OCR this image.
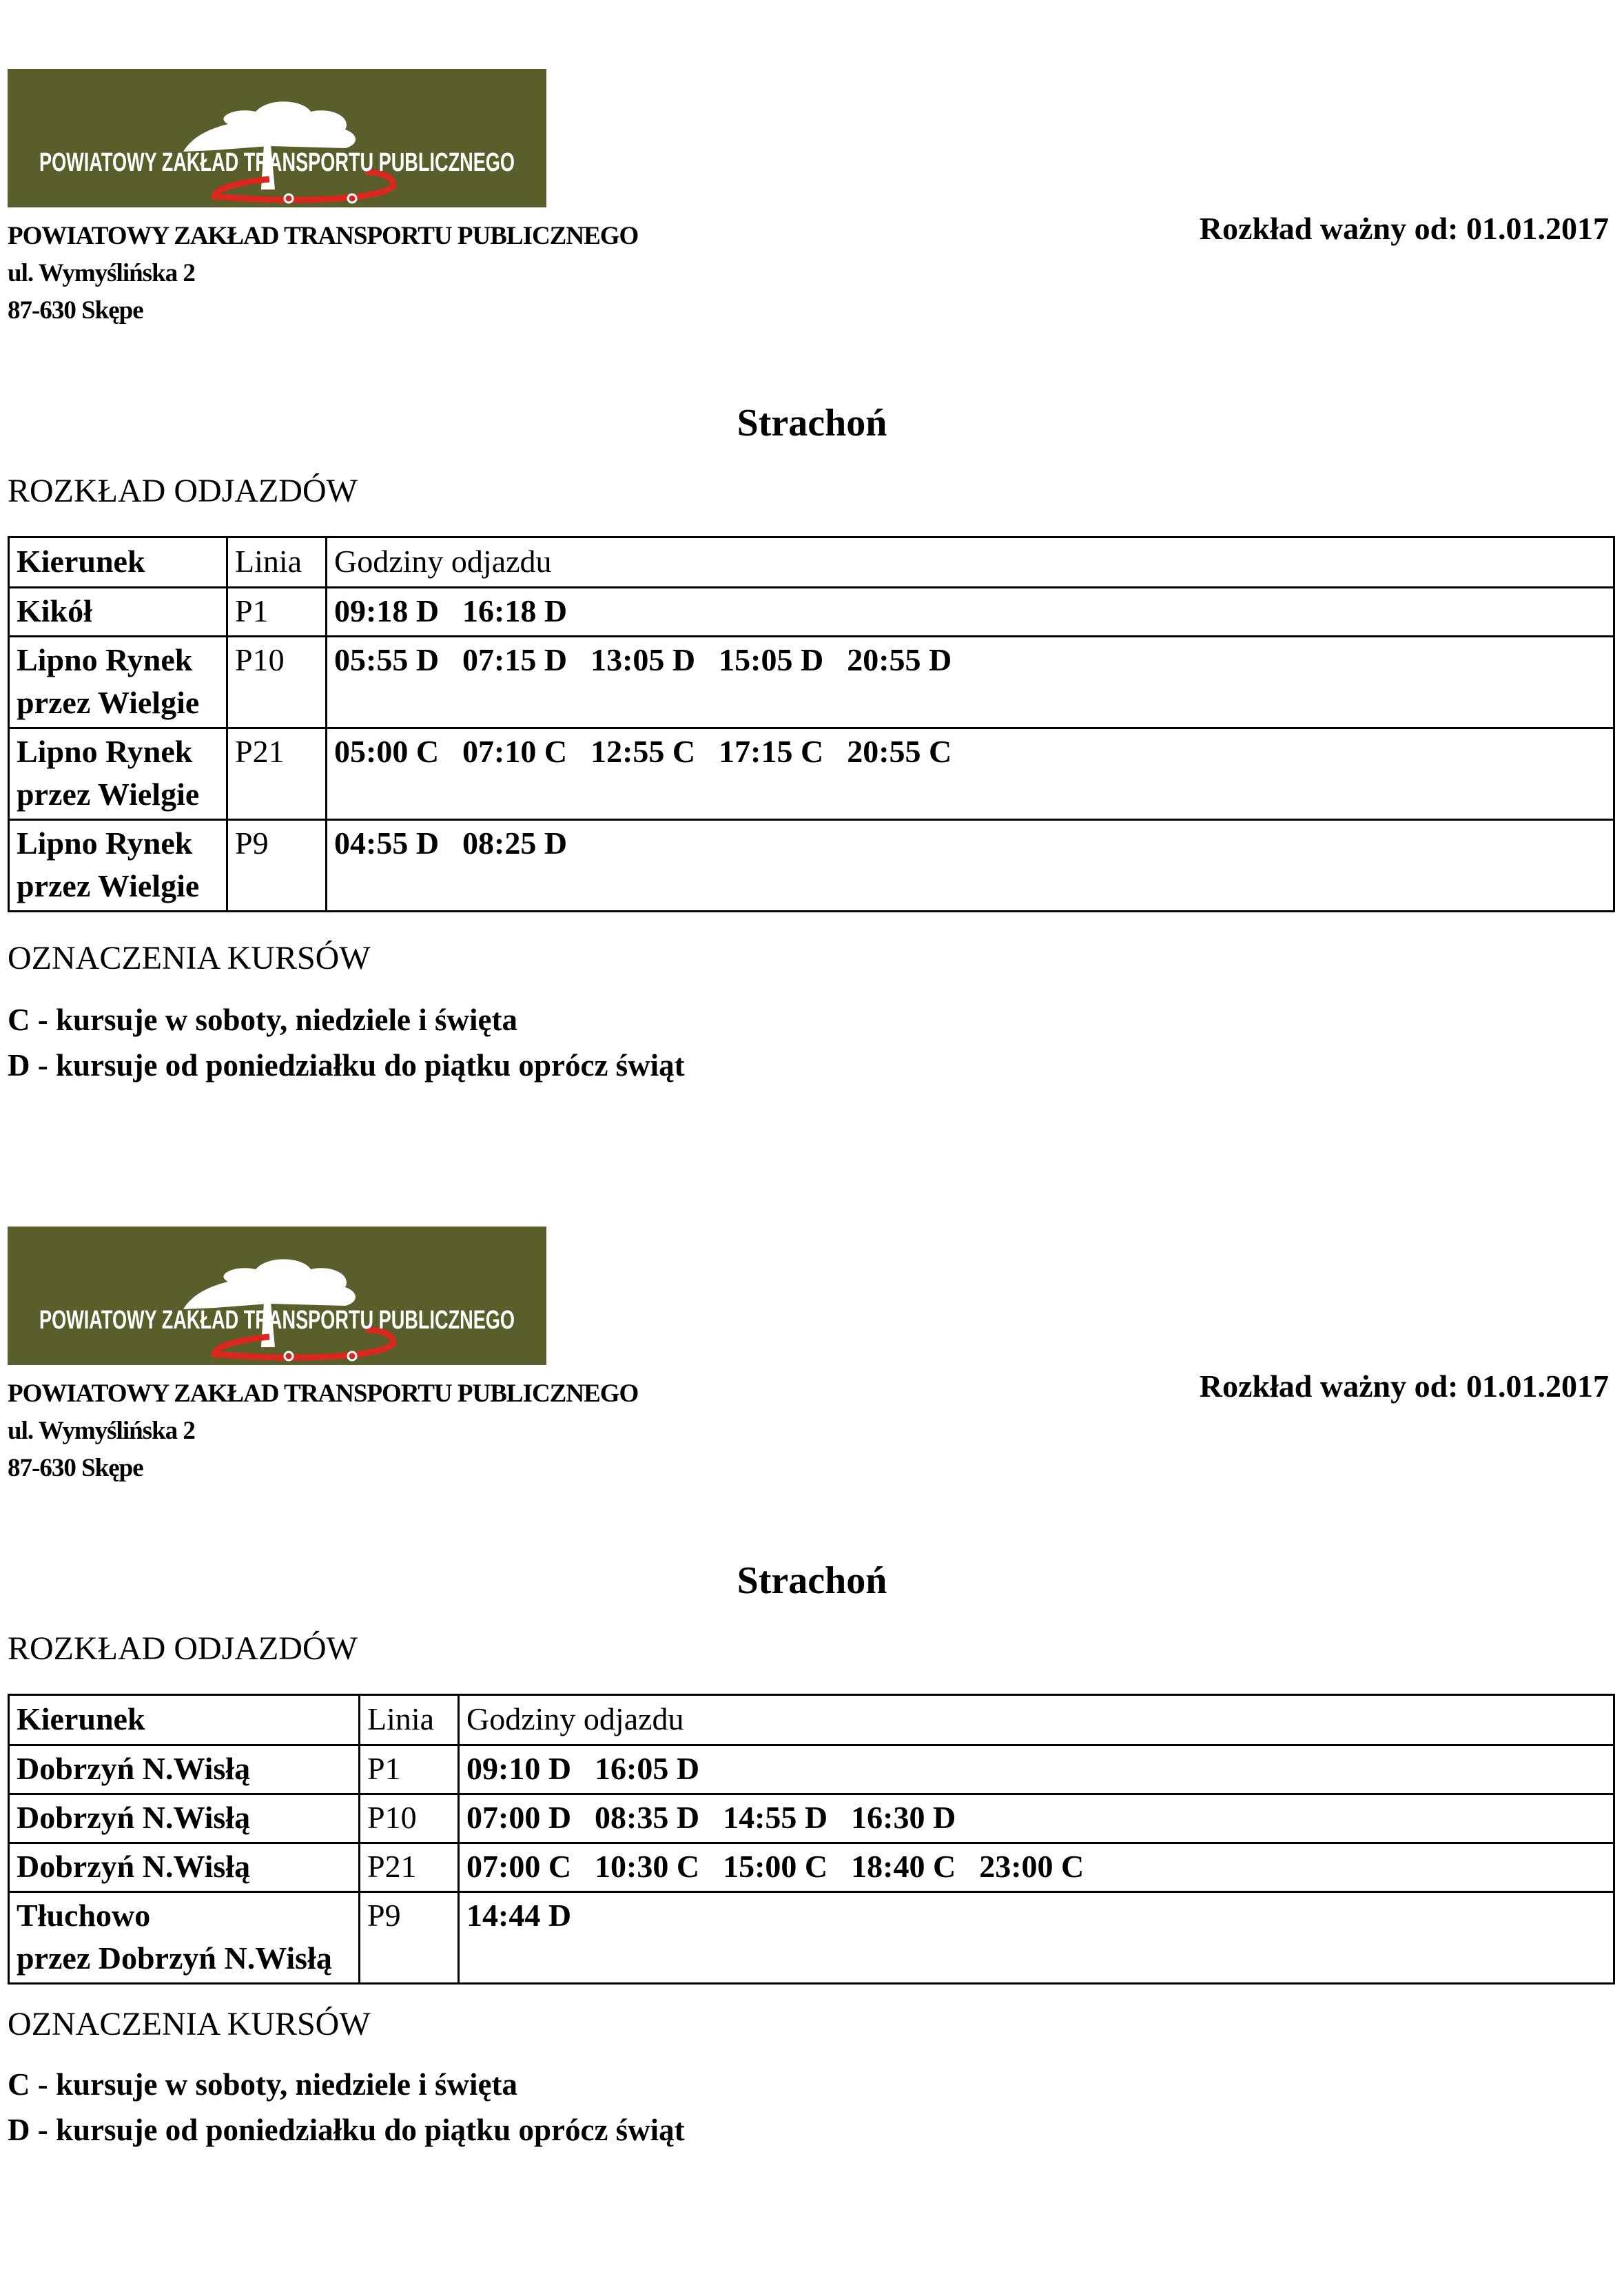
POWIATOWY ZAKŁAD TRANSPORTU PUBLICZNEGO
POWIATOWY ZAKŁAD TRANSPORTU PUBLICZNEGO
ul. Wymyślińska 2
87-630 Skępe
Rozkład ważny od: 01.01.2017
Strachoń
ROZKŁAD ODJAZDÓW
Kierunek	Linia	Godziny odjazdu

Kikół	P1	09:18 D 16:18 D

Lipno Rynek
przez Wielgie	P10	05:55 D 07:15 D 13:05 D 15:05 D 20:55 D

Lipno Rynek
przez Wielgie	P21	05:00 C 07:10 C 12:55 C 17:15 C 20:55 C

Lipno Rynek
przez Wielgie	P9	04:55 D 08:25 D
OZNACZENIA KURSÓW
C - kursuje w soboty, niedziele i święta
D - kursuje od poniedziałku do piątku oprócz świąt
POWIATOWY ZAKŁAD TRANSPORTU PUBLICZNEGO
POWIATOWY ZAKŁAD TRANSPORTU PUBLICZNEGO
ul. Wymyślińska 2
87-630 Skępe
Rozkład ważny od: 01.01.2017
Strachoń
ROZKŁAD ODJAZDÓW
Kierunek	Linia	Godziny odjazdu

Dobrzyń N.Wisłą	P1	09:10 D 16:05 D

Dobrzyń N.Wisłą	P10	07:00 D 08:35 D 14:55 D 16:30 D

Dobrzyń N.Wisłą	P21	07:00 C 10:30 C 15:00 C 18:40 C 23:00 C

Tłuchowo
przez Dobrzyń N.Wisłą	P9	14:44 D
OZNACZENIA KURSÓW
C - kursuje w soboty, niedziele i święta
D - kursuje od poniedziałku do piątku oprócz świąt
